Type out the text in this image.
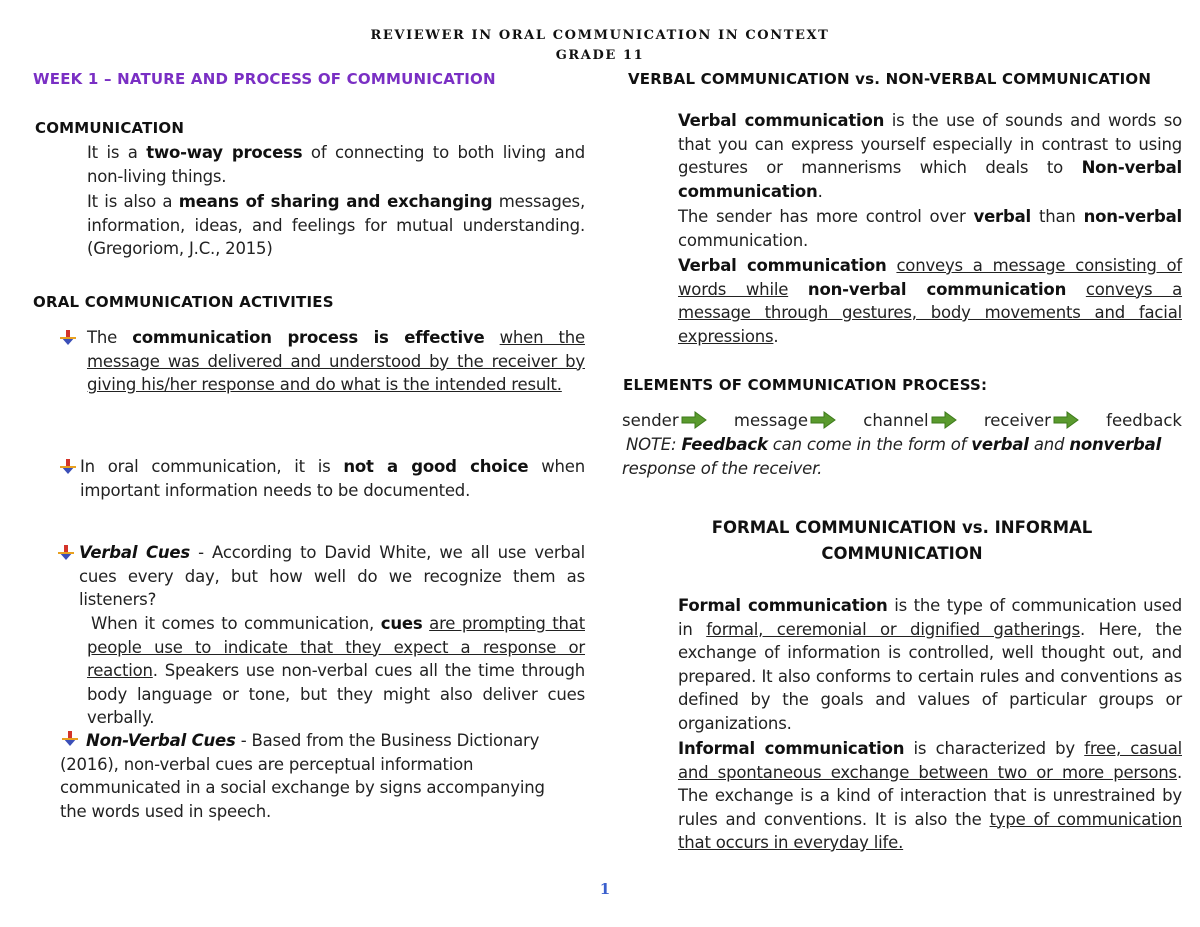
REVIEWER IN ORAL COMMUNICATION IN CONTEXT
GRADE 11
WEEK 1 – NATURE AND PROCESS OF COMMUNICATION
COMMUNICATION
It is a two-way process of connecting to both living and non-living things.
It is also a means of sharing and exchanging messages, information, ideas, and feelings for mutual understanding. (Gregoriom, J.C., 2015)
ORAL COMMUNICATION ACTIVITIES
The communication process is effective when the message was delivered and understood by the receiver by giving his/her response and do what is the intended result.
In oral communication, it is not a good choice when important information needs to be documented.
Verbal Cues - According to David White, we all use verbal cues every day, but how well do we recognize them as listeners?
When it comes to communication, cues are prompting that people use to indicate that they expect a response or reaction. Speakers use non-verbal cues all the time through body language or tone, but they might also deliver cues verbally.
Non-Verbal Cues - Based from the Business Dictionary (2016), non-verbal cues are perceptual information communicated in a social exchange by signs accompanying the words used in speech.
VERBAL COMMUNICATION vs. NON-VERBAL COMMUNICATION
Verbal communication is the use of sounds and words so that you can express yourself especially in contrast to using gestures or mannerisms which deals to Non-verbal communication.
The sender has more control over verbal than non-verbal communication.
Verbal communication conveys a message consisting of words while non-verbal communication conveys a message through gestures, body movements and facial expressions.
ELEMENTS OF COMMUNICATION PROCESS:
sender	message	channel	receiver	feedback
NOTE: Feedback can come in the form of verbal and nonverbal response of the receiver.
FORMAL COMMUNICATION vs. INFORMAL
COMMUNICATION
Formal communication is the type of communication used in formal, ceremonial or dignified gatherings. Here, the exchange of information is controlled, well thought out, and prepared. It also conforms to certain rules and conventions as defined by the goals and values of particular groups or organizations.
Informal communication is characterized by free, casual and spontaneous exchange between two or more persons. The exchange is a kind of interaction that is unrestrained by rules and conventions. It is also the type of communication that occurs in everyday life.
1
